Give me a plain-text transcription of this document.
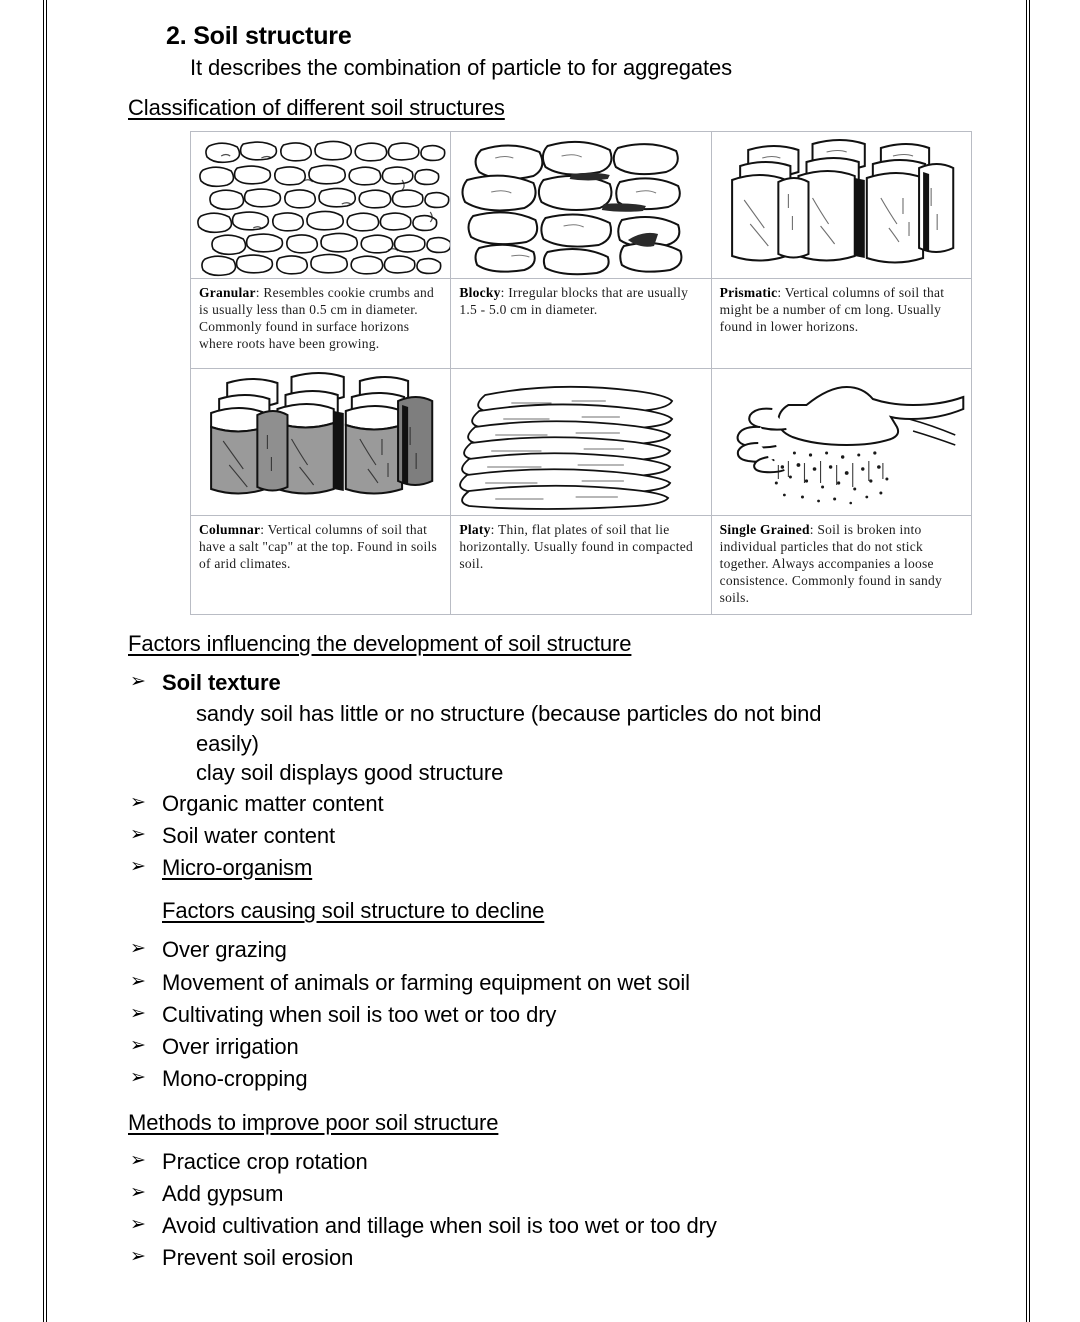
2. Soil structure

It describes the combination of particle to for aggregates

Classification of different soil structures

Granular: Resembles cookie crumbs and is usually less than 0.5 cm in diameter. Commonly found in surface horizons where roots have been growing.	Blocky: Irregular blocks that are usually 1.5 - 5.0 cm in diameter.	Prismatic: Vertical columns of soil that might be a number of cm long. Usually found in lower horizons.

Columnar: Vertical columns of soil that have a salt "cap" at the top. Found in soils of arid climates.	Platy: Thin, flat plates of soil that lie horizontally. Usually found in compacted soil.	Single Grained: Soil is broken into individual particles that do not stick together. Always accompanies a loose consistence. Commonly found in sandy soils.
Factors influencing the development of soil structure
➢ Soil texture
sandy soil has little or no structure (because particles do not bind
easily)
clay soil displays good structure
➢ Organic matter content
➢ Soil water content
➢ Micro-organism
Factors causing soil structure to decline
➢ Over grazing
➢ Movement of animals or farming equipment on wet soil
➢ Cultivating when soil is too wet or too dry
➢ Over irrigation
➢ Mono-cropping
Methods to improve poor soil structure
➢ Practice crop rotation
➢ Add gypsum
➢ Avoid cultivation and tillage when soil is too wet or too dry
➢ Prevent soil erosion
